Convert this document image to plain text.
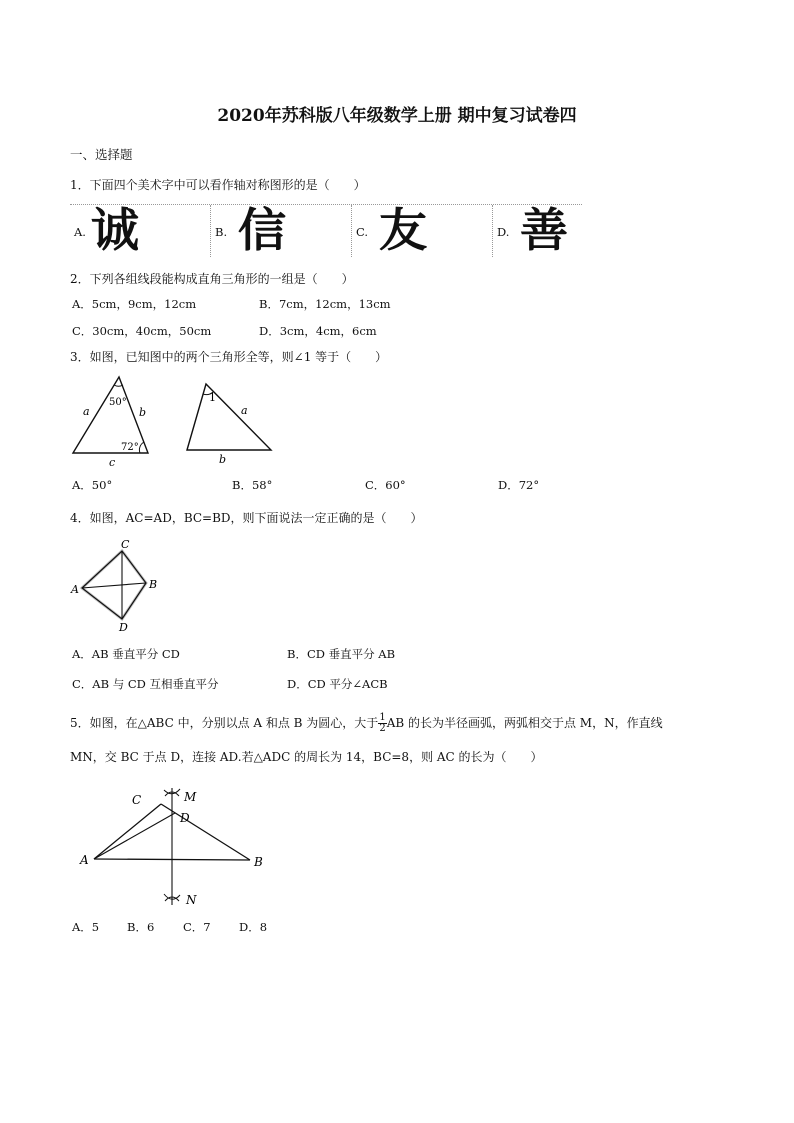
2020年苏科版八年级数学上册 期中复习试卷四
一、选择题
1．下面四个美术字中可以看作轴对称图形的是（　　）
A. 诚	B. 信	C. 友	D. 善
2．下列各组线段能构成直角三角形的一组是（　　）
A．5cm，9cm，12cm	B．7cm，12cm，13cm
C．30cm，40cm，50cm	D．3cm，4cm，6cm
3．如图，已知图中的两个三角形全等，则∠1 等于（　　）
50°
72°
a	b
c
1
a
b
A．50°	B．58°	C．60°	D．72°
4．如图，AC=AD，BC=BD，则下面说法一定正确的是（　　）
C
A	B
D
A．AB 垂直平分 CD	B．CD 垂直平分 AB
C．AB 与 CD 互相垂直平分	D．CD 平分∠ACB
5．如图，在△ABC 中，分别以点 A 和点 B 为圆心，大于 $\frac{1}{2}$ AB 的长为半径画弧，两弧相交于点 M，N，作直线
MN，交 BC 于点 D，连接 AD.若△ADC 的周长为 14，BC=8，则 AC 的长为（　　）
C	M
D
A	B
N
A．5 B．6 C．7 D．8
